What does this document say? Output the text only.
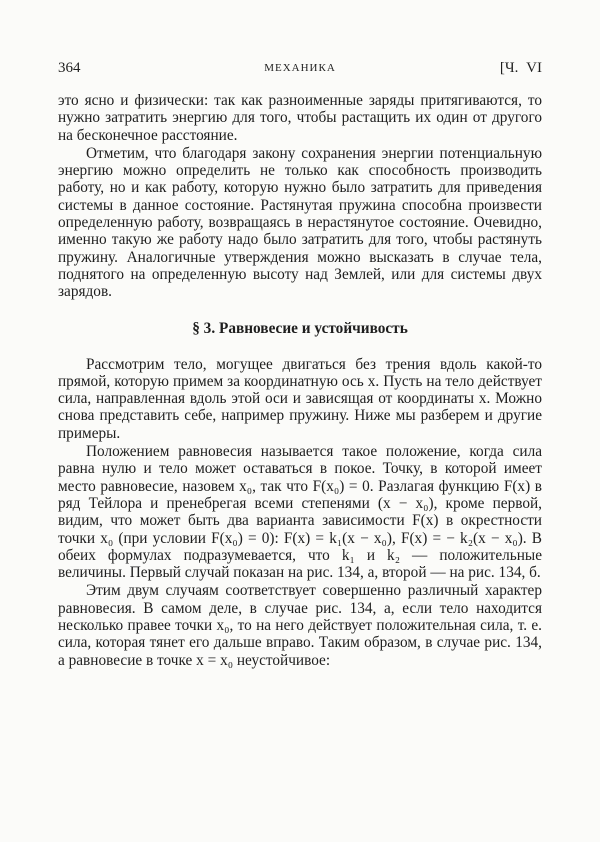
364	МЕХАНИКА	[Ч. VI

это ясно и физически: так как разноименные заряды притягиваются, то нужно затратить энергию для того, чтобы растащить их один от другого на бесконечное расстояние.

Отметим, что благодаря закону сохранения энергии потенциальную энергию можно определить не только как способность производить работу, но и как работу, которую нужно было затратить для приведения системы в данное состояние. Растянутая пружина способна произвести определенную работу, возвращаясь в нерастянутое состояние. Очевидно, именно такую же работу надо было затратить для того, чтобы растянуть пружину. Аналогичные утверждения можно высказать в случае тела, поднятого на определенную высоту над Землей, или для системы двух зарядов.

§ 3. Равновесие и устойчивость

Рассмотрим тело, могущее двигаться без трения вдоль какой-то прямой, которую примем за координатную ось x. Пусть на тело действует сила, направленная вдоль этой оси и зависящая от координаты x. Можно снова представить себе, например пружину. Ниже мы разберем и другие примеры.

Положением равновесия называется такое положение, когда сила равна нулю и тело может оставаться в покое. Точку, в которой имеет место равновесие, назовем x₀, так что F(x₀) = 0. Разлагая функцию F(x) в ряд Тейлора и пренебрегая всеми степенями (x − x₀), кроме первой, видим, что может быть два варианта зависимости F(x) в окрестности точки x₀ (при условии F(x₀) = 0): F(x) = k₁(x − x₀), F(x) = − k₂(x − x₀). В обеих формулах подразумевается, что k₁ и k₂ — положительные величины. Первый случай показан на рис. 134, а, второй — на рис. 134, б.

Этим двум случаям соответствует совершенно различный характер равновесия. В самом деле, в случае рис. 134, а, если тело находится несколько правее точки x₀, то на него действует положительная сила, т. е. сила, которая тянет его дальше вправо. Таким образом, в случае рис. 134, а равновесие в точке x = x₀ неустойчивое:
